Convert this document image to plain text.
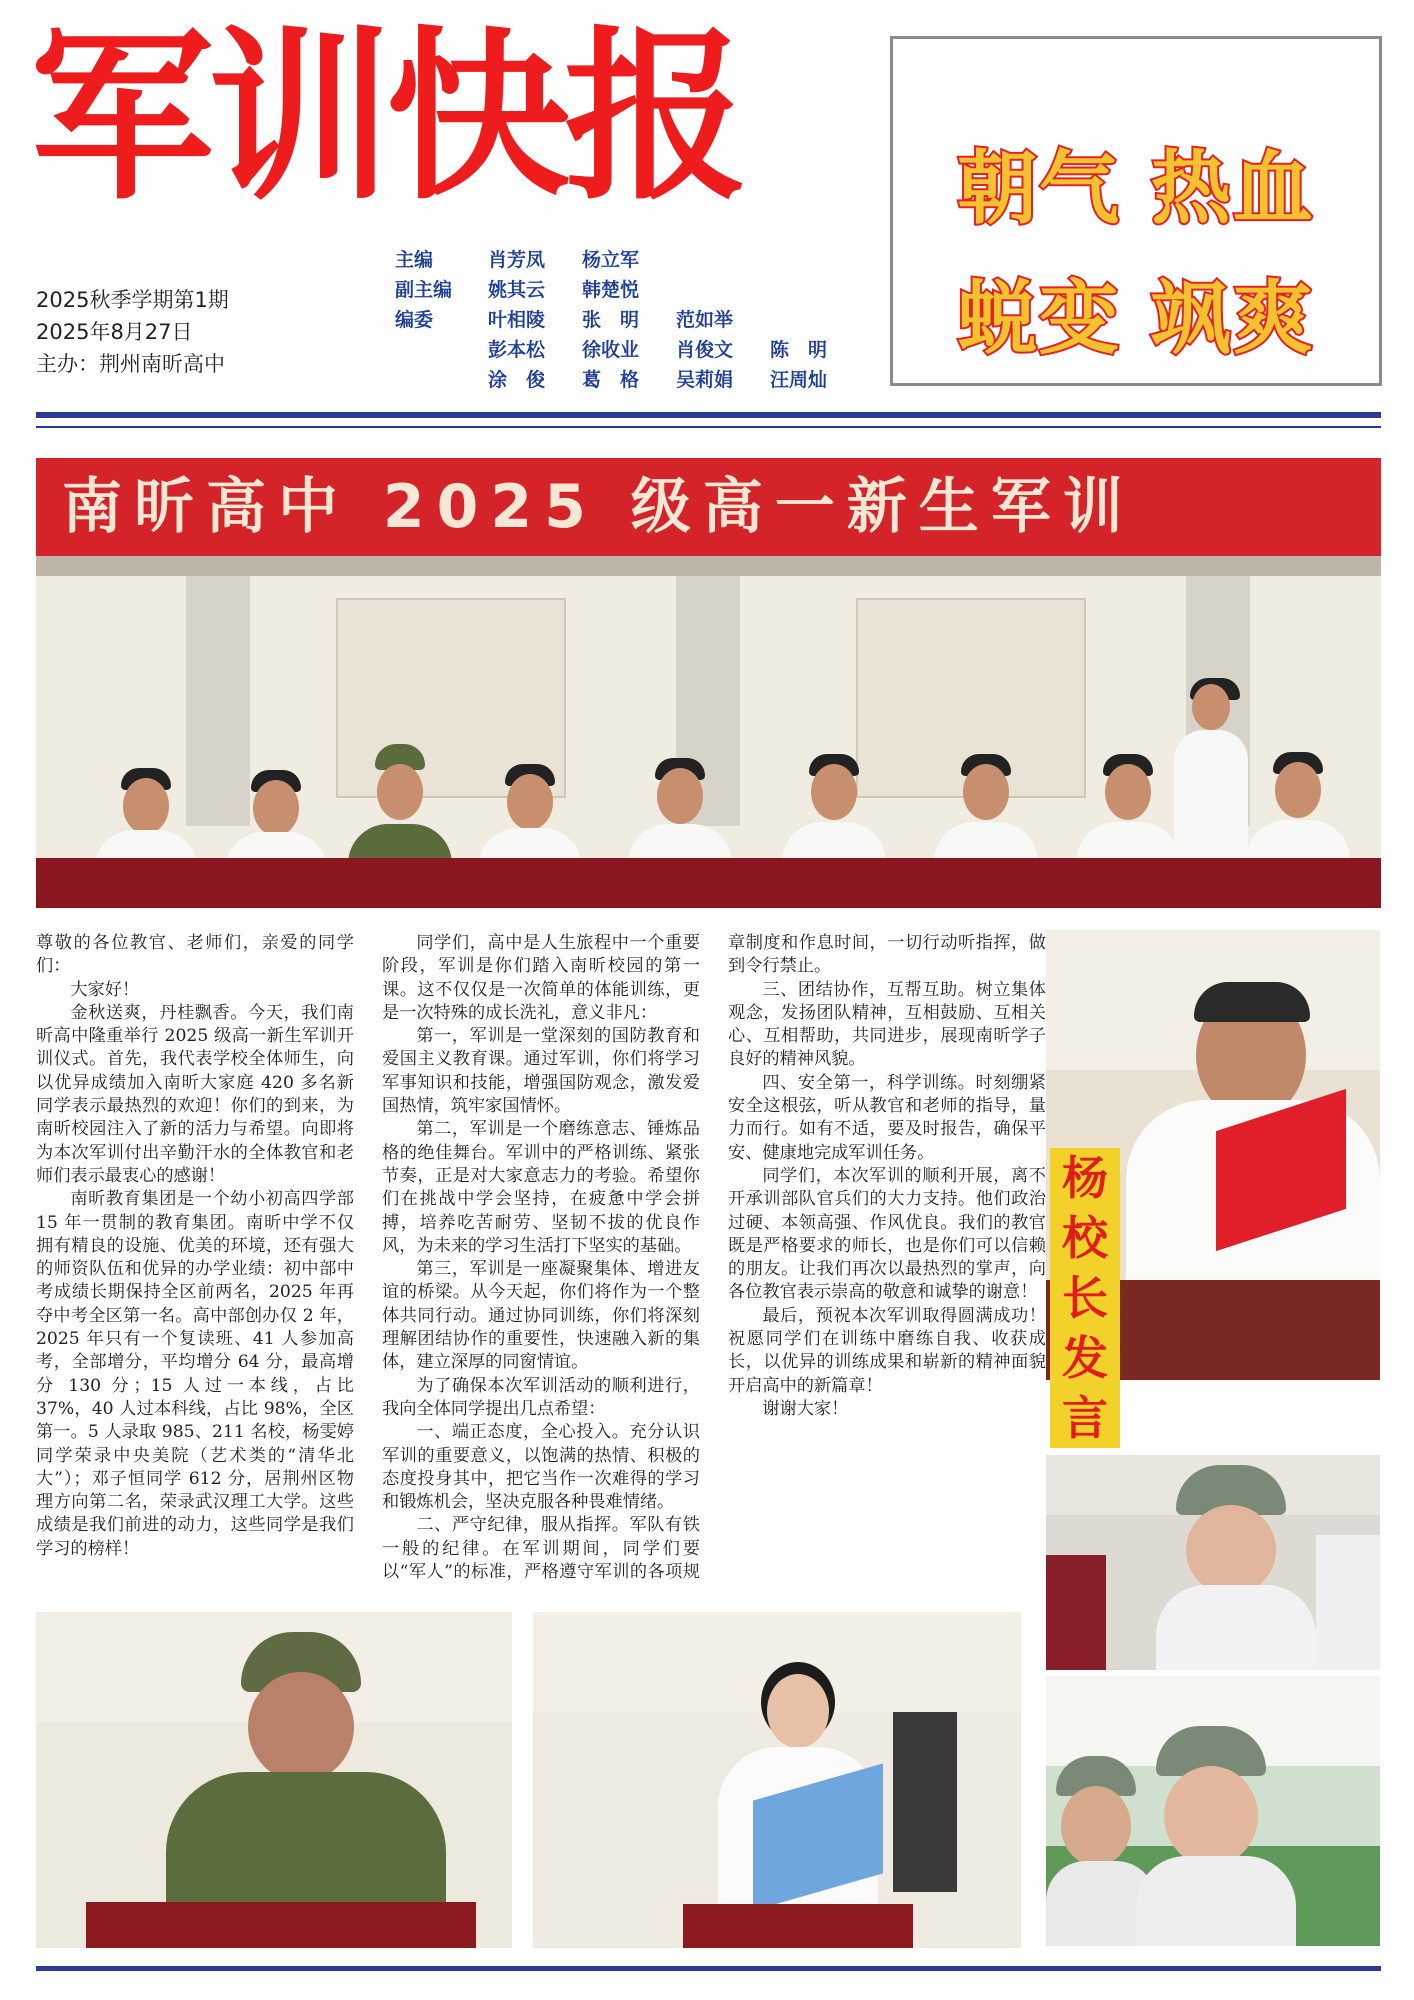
军训快报
2025秋季学期第1期
2025年8月27日
主办：荆州南昕高中
主编	肖芳凤	杨立军
副主编	姚其云	韩楚悦
编委	叶相陵	张　明	范如举
彭本松	徐收业	肖俊文	陈　明
涂　俊	葛　格	吴莉娟	汪周灿
朝气 热血
蜕变 飒爽
南昕高中 2025 级高一新生军训

尊敬的各位教官、老师们，亲爱的同学们：

大家好！

金秋送爽，丹桂飘香。今天，我们南昕高中隆重举行 2025 级高一新生军训开训仪式。首先，我代表学校全体师生，向以优异成绩加入南昕大家庭 420 多名新同学表示最热烈的欢迎！你们的到来，为南昕校园注入了新的活力与希望。向即将为本次军训付出辛勤汗水的全体教官和老师们表示最衷心的感谢！

南昕教育集团是一个幼小初高四学部 15 年一贯制的教育集团。南昕中学不仅拥有精良的设施、优美的环境，还有强大的师资队伍和优异的办学业绩：初中部中考成绩长期保持全区前两名，2025 年再夺中考全区第一名。高中部创办仅 2 年，2025 年只有一个复读班、41 人参加高考，全部增分，平均增分 64 分，最高增分 130 分；15 人过一本线，占比 37%，40 人过本科线，占比 98%，全区第一。5 人录取 985、211 名校，杨雯婷同学荣录中央美院（艺术类的“清华北大”）；邓子恒同学 612 分，居荆州区物理方向第二名，荣录武汉理工大学。这些成绩是我们前进的动力，这些同学是我们学习的榜样！

同学们，高中是人生旅程中一个重要阶段，军训是你们踏入南昕校园的第一课。这不仅仅是一次简单的体能训练，更是一次特殊的成长洗礼，意义非凡：

第一，军训是一堂深刻的国防教育和爱国主义教育课。通过军训，你们将学习军事知识和技能，增强国防观念，激发爱国热情，筑牢家国情怀。

第二，军训是一个磨练意志、锤炼品格的绝佳舞台。军训中的严格训练、紧张节奏，正是对大家意志力的考验。希望你们在挑战中学会坚持，在疲惫中学会拼搏，培养吃苦耐劳、坚韧不拔的优良作风，为未来的学习生活打下坚实的基础。

第三，军训是一座凝聚集体、增进友谊的桥梁。从今天起，你们将作为一个整体共同行动。通过协同训练，你们将深刻理解团结协作的重要性，快速融入新的集体，建立深厚的同窗情谊。

为了确保本次军训活动的顺利进行，我向全体同学提出几点希望：

一、端正态度，全心投入。充分认识军训的重要意义，以饱满的热情、积极的态度投身其中，把它当作一次难得的学习和锻炼机会，坚决克服各种畏难情绪。

二、严守纪律，服从指挥。军队有铁一般的纪律。在军训期间，同学们要以“军人”的标准，严格遵守军训的各项规章制度和作息时间，一切行动听指挥，做到令行禁止。

三、团结协作，互帮互助。树立集体观念，发扬团队精神，互相鼓励、互相关心、互相帮助，共同进步，展现南昕学子良好的精神风貌。

四、安全第一，科学训练。时刻绷紧安全这根弦，听从教官和老师的指导，量力而行。如有不适，要及时报告，确保平安、健康地完成军训任务。

同学们，本次军训的顺利开展，离不开承训部队官兵们的大力支持。他们政治过硬、本领高强、作风优良。我们的教官既是严格要求的师长，也是你们可以信赖的朋友。让我们再次以最热烈的掌声，向各位教官表示崇高的敬意和诚挚的谢意！

最后，预祝本次军训取得圆满成功！祝愿同学们在训练中磨练自我、收获成长，以优异的训练成果和崭新的精神面貌开启高中的新篇章！

谢谢大家！

杨
校
长
发
言
